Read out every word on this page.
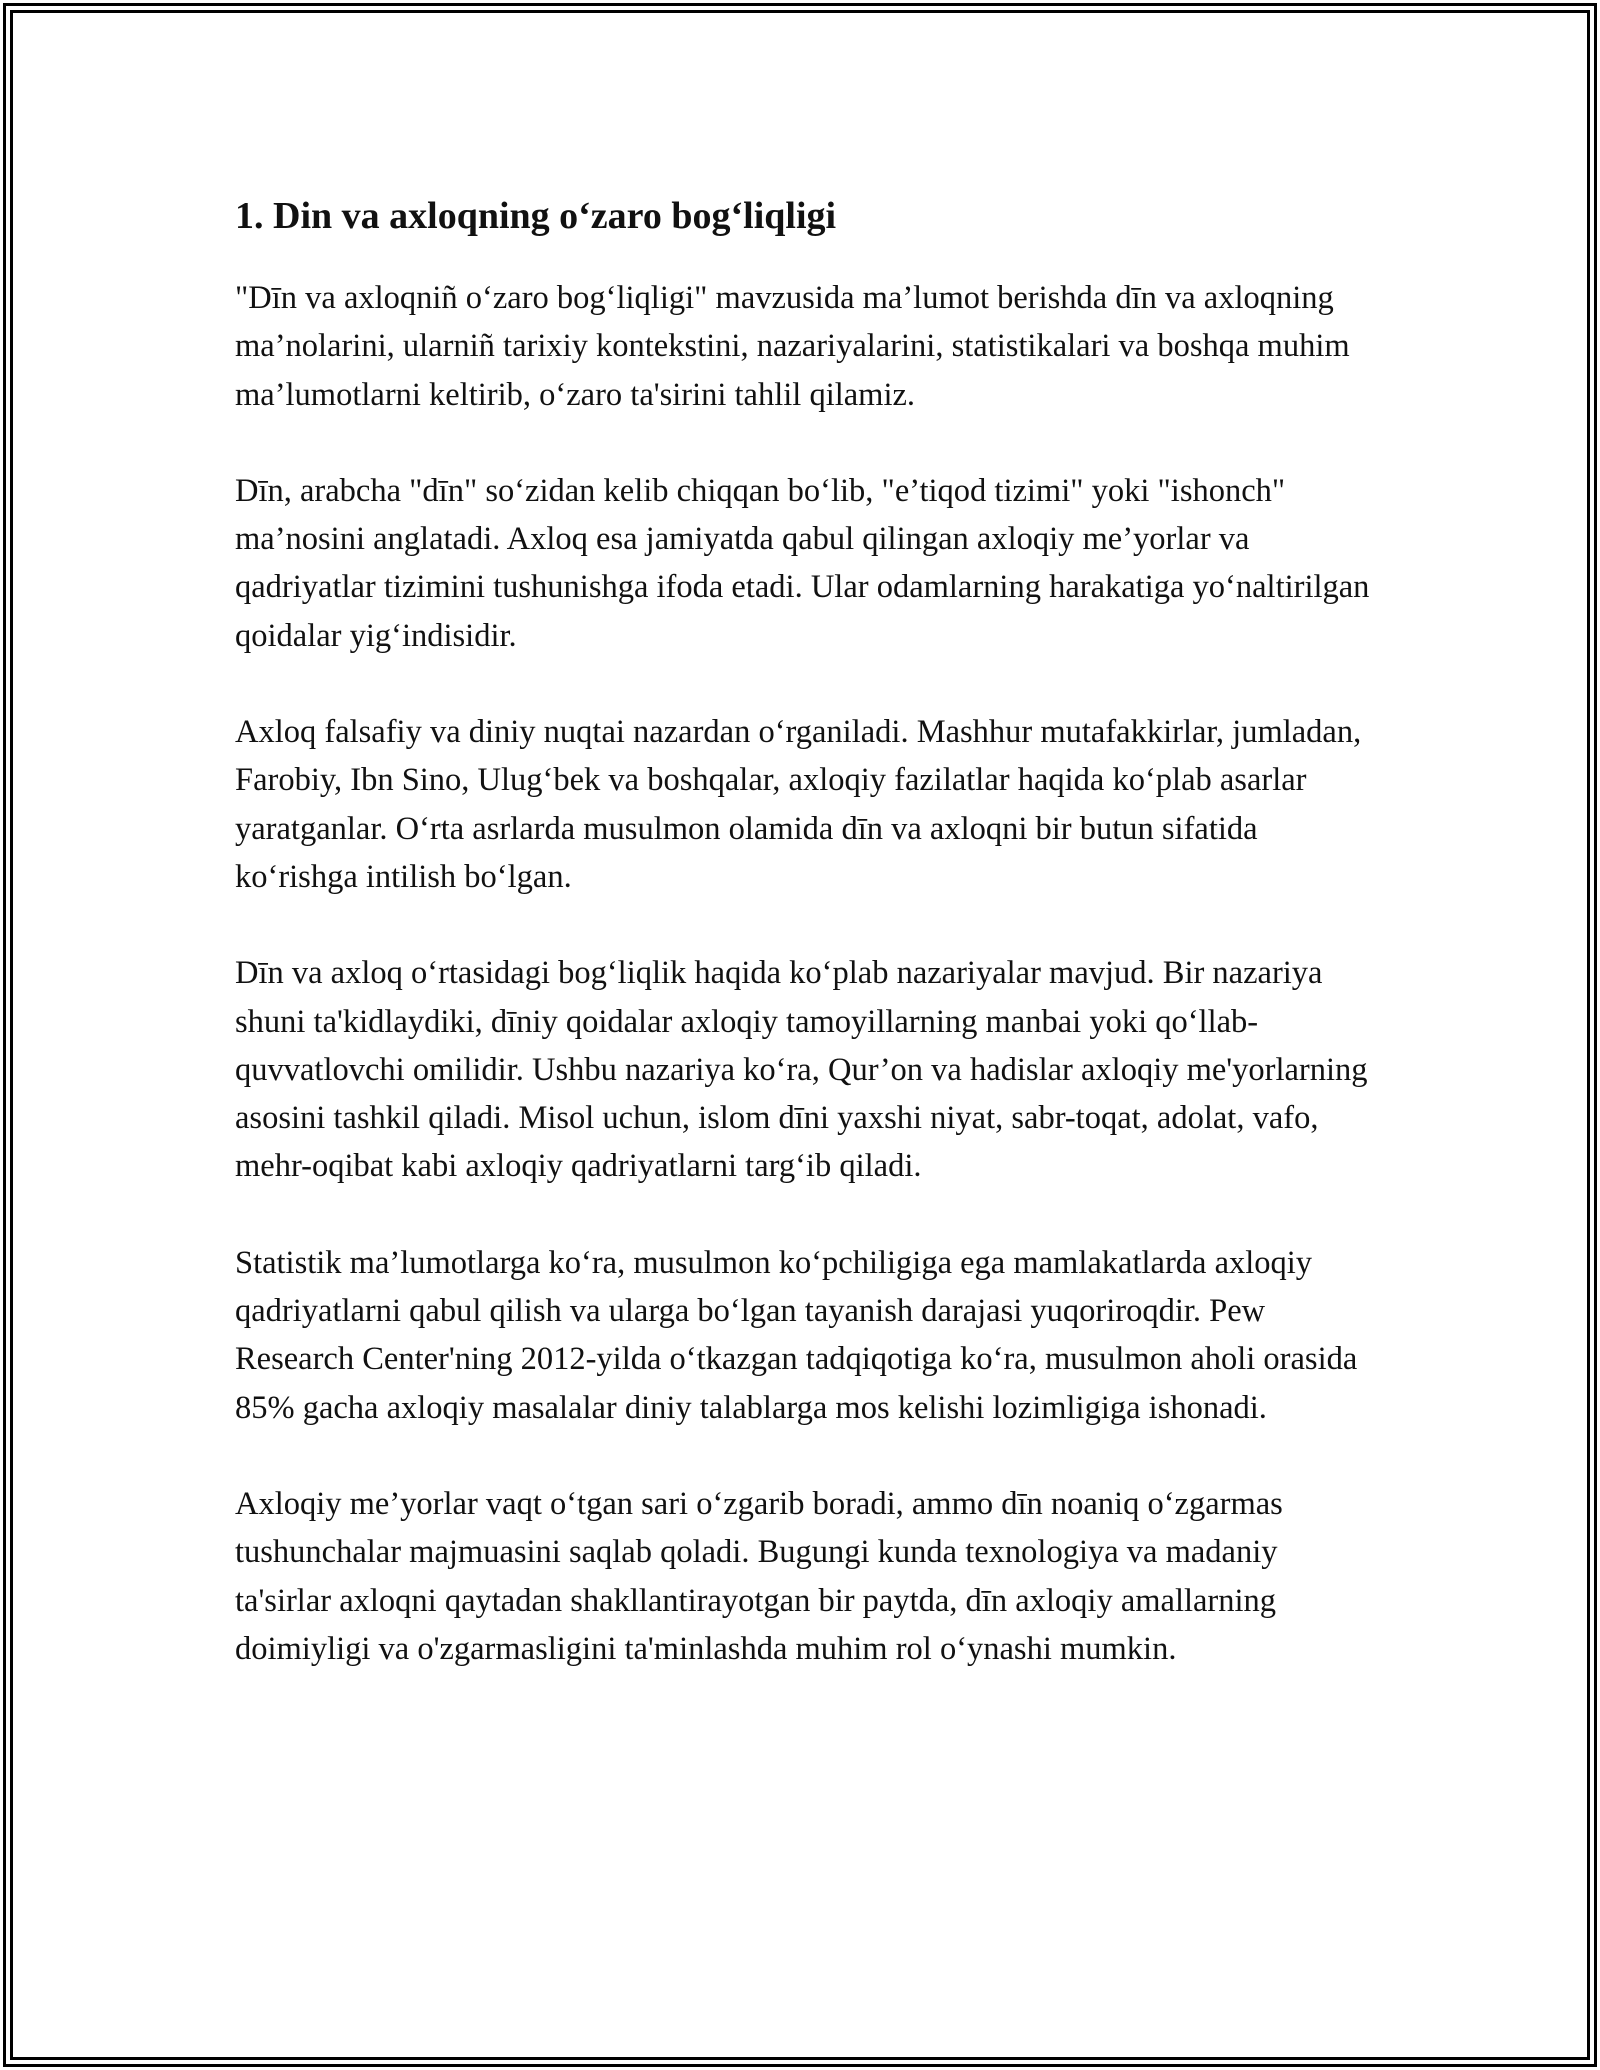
1. Din va axloqning o‘zaro bog‘liqligi

"Dīn va axloqniñ o‘zaro bog‘liqligi" mavzusida ma’lumot berishda dīn va axloqning ma’nolarini, ularniñ tarixiy kontekstini, nazariyalarini, statistikalari va boshqa muhim ma’lumotlarni keltirib, o‘zaro ta'sirini tahlil qilamiz.

Dīn, arabcha "dīn" so‘zidan kelib chiqqan bo‘lib, "e’tiqod tizimi" yoki "ishonch" ma’nosini anglatadi. Axloq esa jamiyatda qabul qilingan axloqiy me’yorlar va qadriyatlar tizimini tushunishga ifoda etadi. Ular odamlarning harakatiga yo‘naltirilgan qoidalar yig‘indisidir.

Axloq falsafiy va diniy nuqtai nazardan o‘rganiladi. Mashhur mutafakkirlar, jumladan, Farobiy, Ibn Sino, Ulug‘bek va boshqalar, axloqiy fazilatlar haqida ko‘plab asarlar yaratganlar. O‘rta asrlarda musulmon olamida dīn va axloqni bir butun sifatida ko‘rishga intilish bo‘lgan.

Dīn va axloq o‘rtasidagi bog‘liqlik haqida ko‘plab nazariyalar mavjud. Bir nazariya shuni ta'kidlaydiki, dīniy qoidalar axloqiy tamoyillarning manbai yoki qo‘llab-quvvatlovchi omilidir. Ushbu nazariya ko‘ra, Qur’on va hadislar axloqiy me'yorlarning asosini tashkil qiladi. Misol uchun, islom dīni yaxshi niyat, sabr-toqat, adolat, vafo, mehr-oqibat kabi axloqiy qadriyatlarni targ‘ib qiladi.

Statistik ma’lumotlarga ko‘ra, musulmon ko‘pchiligiga ega mamlakatlarda axloqiy qadriyatlarni qabul qilish va ularga bo‘lgan tayanish darajasi yuqoriroqdir. Pew Research Center'ning 2012-yilda o‘tkazgan tadqiqotiga ko‘ra, musulmon aholi orasida 85% gacha axloqiy masalalar diniy talablarga mos kelishi lozimligiga ishonadi.

Axloqiy me’yorlar vaqt o‘tgan sari o‘zgarib boradi, ammo dīn noaniq o‘zgarmas tushunchalar majmuasini saqlab qoladi. Bugungi kunda texnologiya va madaniy ta'sirlar axloqni qaytadan shakllantirayotgan bir paytda, dīn axloqiy amallarning doimiyligi va o'zgarmasligini ta'minlashda muhim rol o‘ynashi mumkin.
